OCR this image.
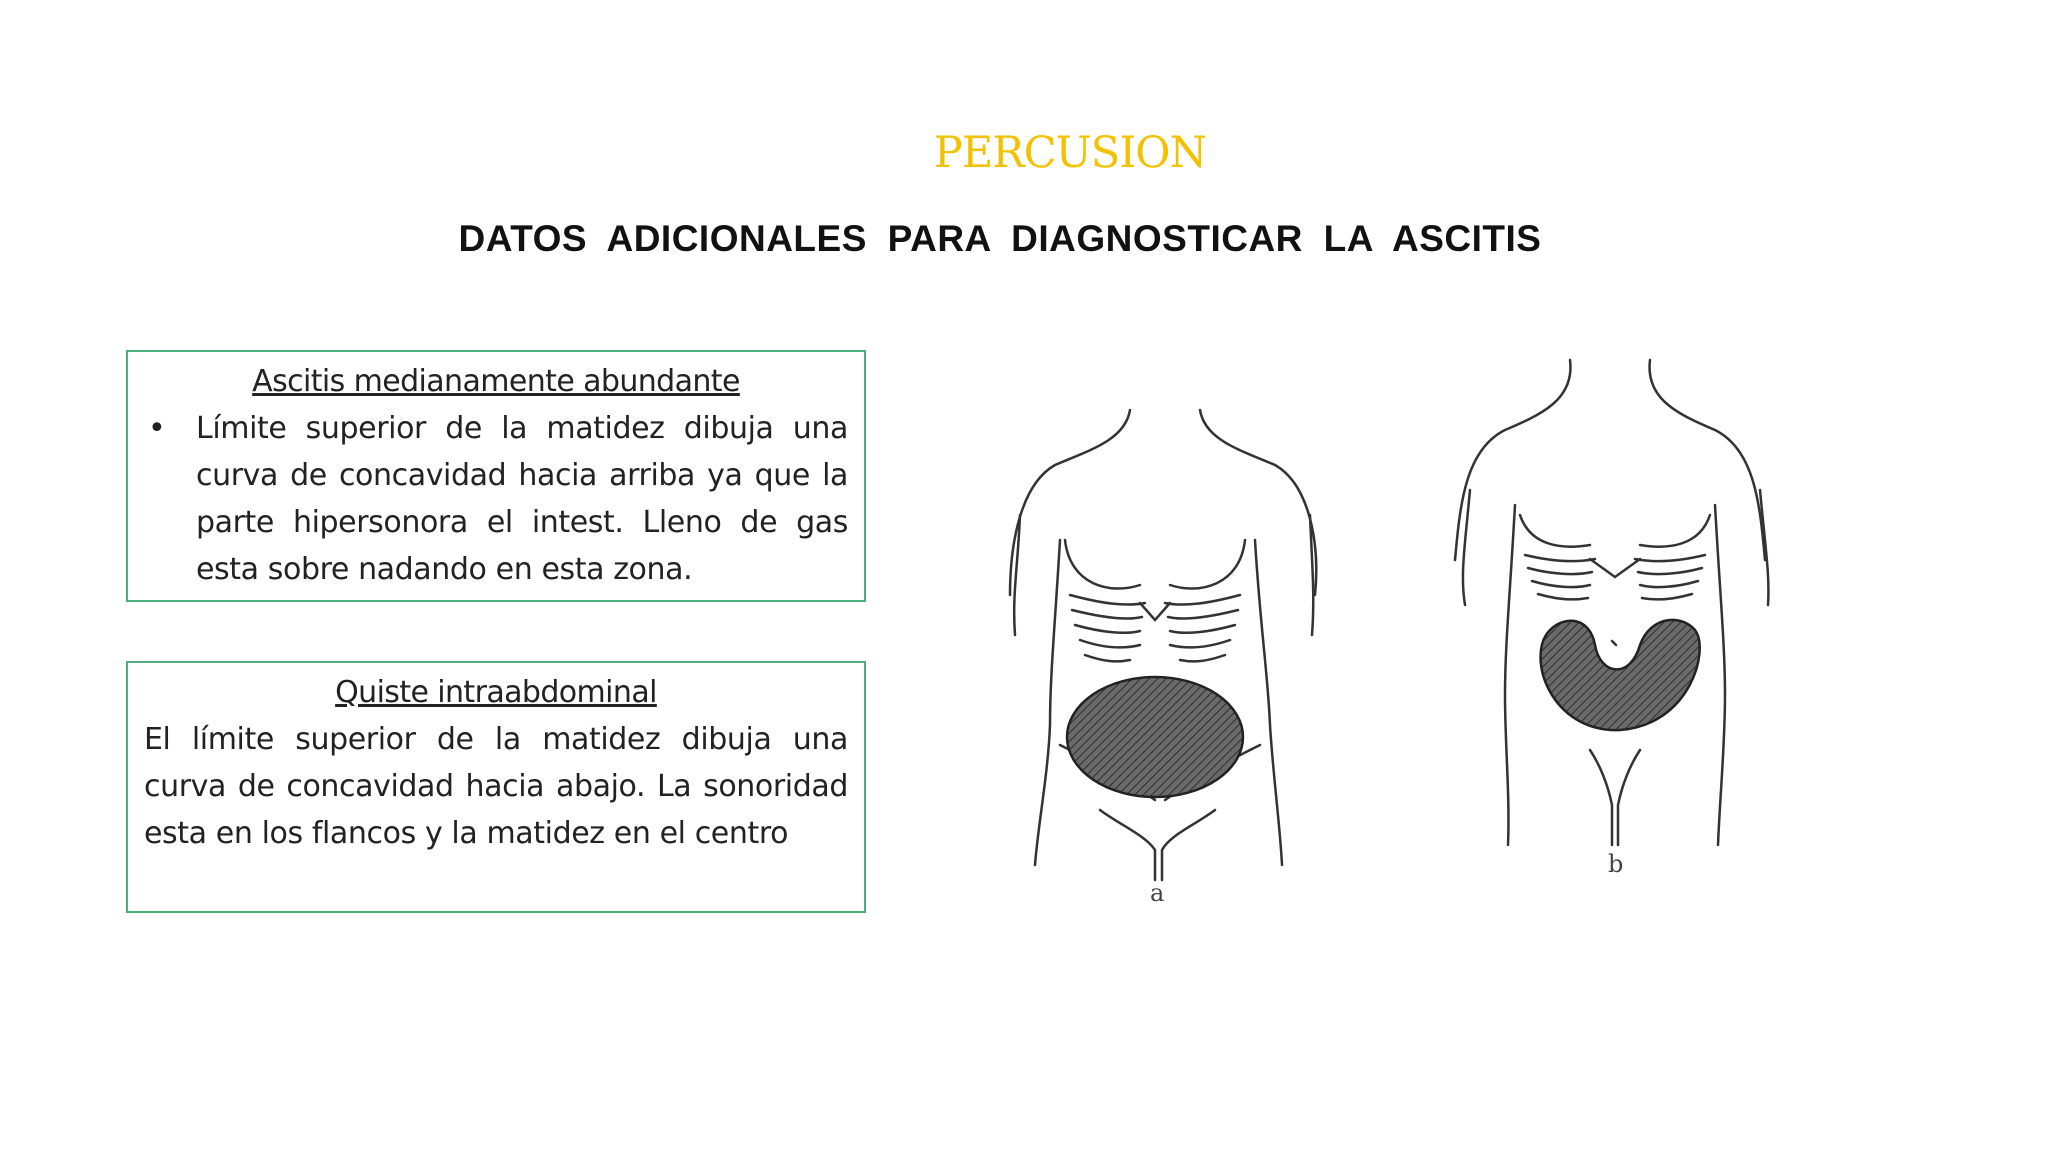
PERCUSION
DATOS ADICIONALES PARA DIAGNOSTICAR LA ASCITIS
Ascitis medianamente abundante
•	Límite superior de la matidez dibuja una curva de concavidad hacia arriba ya que la parte hipersonora el intest. Lleno de gas esta sobre nadando en esta zona.

Quiste intraabdominal

El límite superior de la matidez dibuja una curva de concavidad hacia abajo. La sonoridad esta en los flancos y la matidez en el centro

a
b
